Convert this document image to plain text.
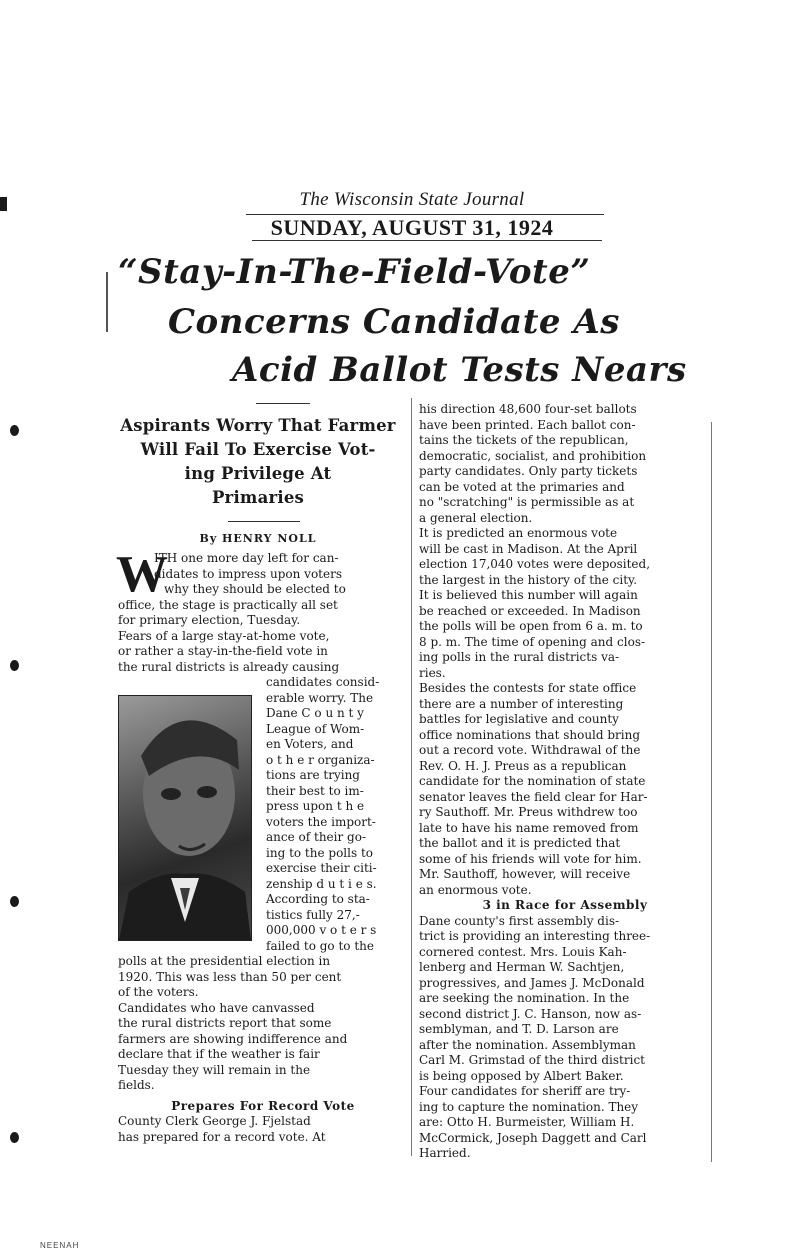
The Wisconsin State Journal
SUNDAY, AUGUST 31, 1924
“Stay-In-The-Field-Vote”
Concerns Candidate As
Acid Ballot Tests Nears
Aspirants Worry That Farmer
Will Fail To Exercise Vot-
ing Privilege At
Primaries
By HENRY NOLL
W
ITH one more day left for can-
didates to impress upon voters
why they should be elected to
office, the stage is practically all set
for primary election, Tuesday.
Fears of a large stay-at-home vote,
or rather a stay-in-the-field vote in
the rural districts is already causing
candidates consid-
erable worry. The
Dane C o u n t y
League of Wom-
en Voters, and
o t h e r organiza-
tions are trying
their best to im-
press upon t h e
voters the import-
ance of their go-
ing to the polls to
exercise their citi-
zenship d u t i e s.
According to sta-
tistics fully 27,-
000,000 v o t e r s
failed to go to the
polls at the presidential election in
1920. This was less than 50 per cent
of the voters.
Candidates who have canvassed
the rural districts report that some
farmers are showing indifference and
declare that if the weather is fair
Tuesday they will remain in the
fields.
Prepares For Record Vote
County Clerk George J. Fjelstad
has prepared for a record vote. At
his direction 48,600 four-set ballots
have been printed. Each ballot con-
tains the tickets of the republican,
democratic, socialist, and prohibition
party candidates. Only party tickets
can be voted at the primaries and
no "scratching" is permissible as at
a general election.
It is predicted an enormous vote
will be cast in Madison. At the April
election 17,040 votes were deposited,
the largest in the history of the city.
It is believed this number will again
be reached or exceeded. In Madison
the polls will be open from 6 a. m. to
8 p. m. The time of opening and clos-
ing polls in the rural districts va-
ries.
Besides the contests for state office
there are a number of interesting
battles for legislative and county
office nominations that should bring
out a record vote. Withdrawal of the
Rev. O. H. J. Preus as a republican
candidate for the nomination of state
senator leaves the field clear for Har-
ry Sauthoff. Mr. Preus withdrew too
late to have his name removed from
the ballot and it is predicted that
some of his friends will vote for him.
Mr. Sauthoff, however, will receive
an enormous vote.
3 in Race for Assembly
Dane county's first assembly dis-
trict is providing an interesting three-
cornered contest. Mrs. Louis Kah-
lenberg and Herman W. Sachtjen,
progressives, and James J. McDonald
are seeking the nomination. In the
second district J. C. Hanson, now as-
semblyman, and T. D. Larson are
after the nomination. Assemblyman
Carl M. Grimstad of the third district
is being opposed by Albert Baker.
Four candidates for sheriff are try-
ing to capture the nomination. They
are: Otto H. Burmeister, William H.
McCormick, Joseph Daggett and Carl
Harried.
NEENAH
